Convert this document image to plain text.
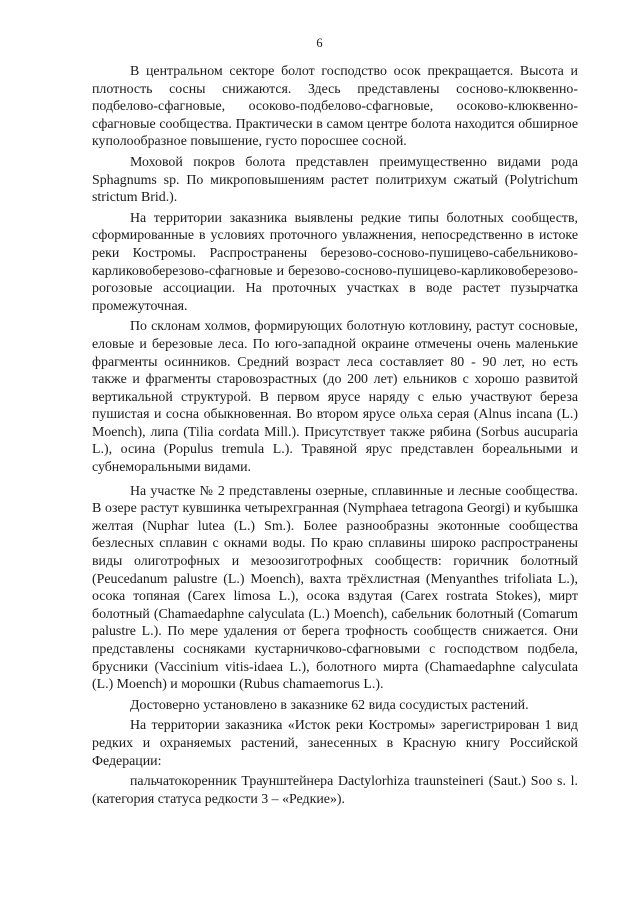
6

В центральном секторе болот господство осок прекращается. Высота и плотность сосны снижаются. Здесь представлены сосново-клюквенно-подбелово-сфагновые, осоково-подбелово-сфагновые, осоково-клюквенно-сфагновые сообщества. Практически в самом центре болота находится обширное куполообразное повышение, густо поросшее сосной.

Моховой покров болота представлен преимущественно видами рода Sphagnums sp. По микроповышениям растет политрихум сжатый (Polytrichum strictum Brid.).

На территории заказника выявлены редкие типы болотных сообществ, сформированные в условиях проточного увлажнения, непосредственно в истоке реки Костромы. Распространены березово-сосново-пушицево-сабельниково-карликовоберезово-сфагновые и березово-сосново-пушицево-карликовоберезово-рогозовые ассоциации. На проточных участках в воде растет пузырчатка промежуточная.

По склонам холмов, формирующих болотную котловину, растут сосновые, еловые и березовые леса. По юго-западной окраине отмечены очень маленькие фрагменты осинников. Средний возраст леса составляет 80 - 90 лет, но есть также и фрагменты старовозрастных (до 200 лет) ельников с хорошо развитой вертикальной структурой. В первом ярусе наряду с елью участвуют береза пушистая и сосна обыкновенная. Во втором ярусе ольха серая (Alnus incana (L.) Moench), липа (Tilia cordata Mill.). Присутствует также рябина (Sorbus aucuparia L.), осина (Populus tremula L.). Травяной ярус представлен бореальными и субнеморальными видами.

На участке № 2 представлены озерные, сплавинные и лесные сообщества. В озере растут кувшинка четырехгранная (Nymphaea tetragona Georgi) и кубышка желтая (Nuphar lutea (L.) Sm.). Более разнообразны экотонные сообщества безлесных сплавин с окнами воды. По краю сплавины широко распространены виды олиготрофных и мезоозиготрофных сообществ: горичник болотный (Peucedanum palustre (L.) Moench), вахта трёхлистная (Menyanthes trifoliata L.), осока топяная (Carex limosa L.), осока вздутая (Carex rostrata Stokes), мирт болотный (Chamaedaphne calyculata (L.) Moench), сабельник болотный (Comarum palustre L.). По мере удаления от берега трофность сообществ снижается. Они представлены сосняками кустарничково-сфагновыми с господством подбела, брусники (Vaccinium vitis-idaea L.), болотного мирта (Chamaedaphne calyculata (L.) Moench) и морошки (Rubus chamaemorus L.).

Достоверно установлено в заказнике 62 вида сосудистых растений.

На территории заказника «Исток реки Костромы» зарегистрирован 1 вид редких и охраняемых растений, занесенных в Красную книгу Российской Федерации:

пальчатокоренник Траунштейнера Dactylorhiza traunsteineri (Saut.) Soo s. l. (категория статуса редкости 3 – «Редкие»).
